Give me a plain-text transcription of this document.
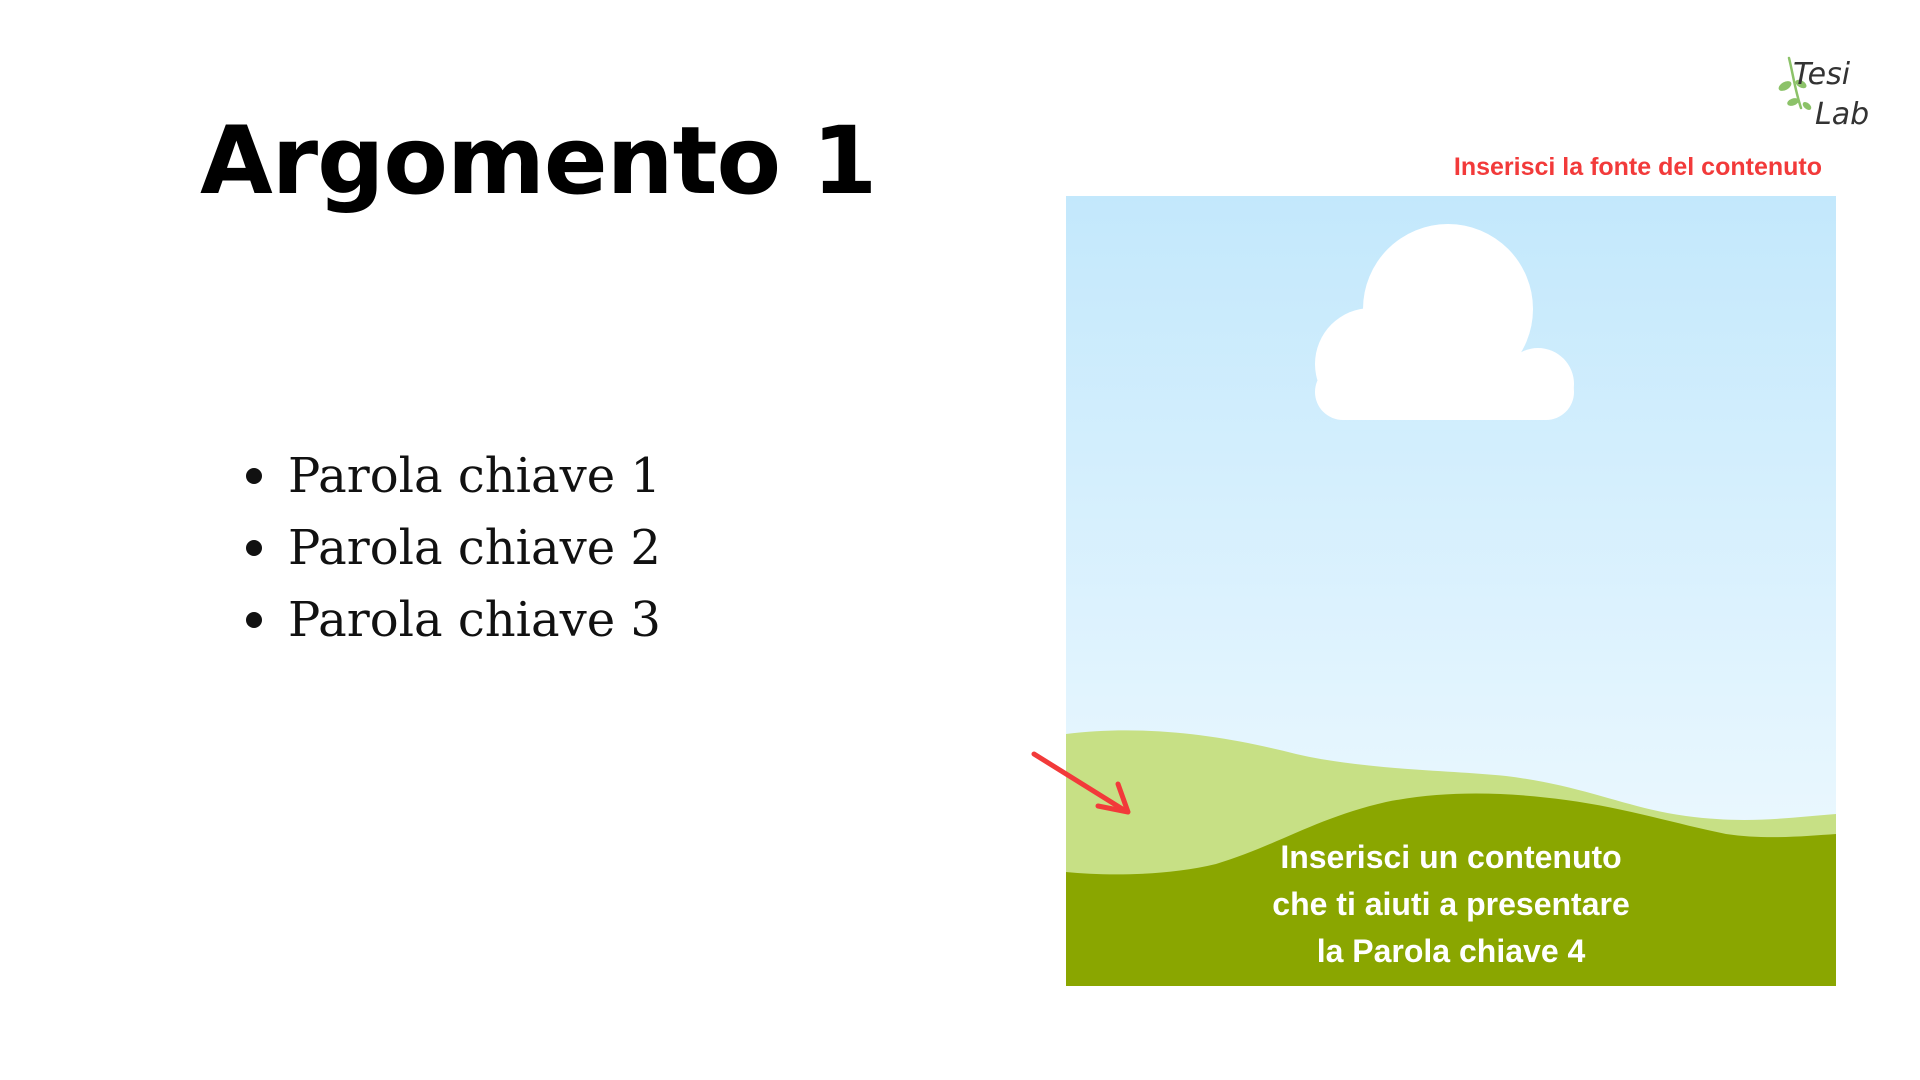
Argomento 1
Parola chiave 1
Parola chiave 2
Parola chiave 3
Tesi
Lab
Inserisci la fonte del contenuto
Inserisci un contenuto
che ti aiuti a presentare
la Parola chiave 4
